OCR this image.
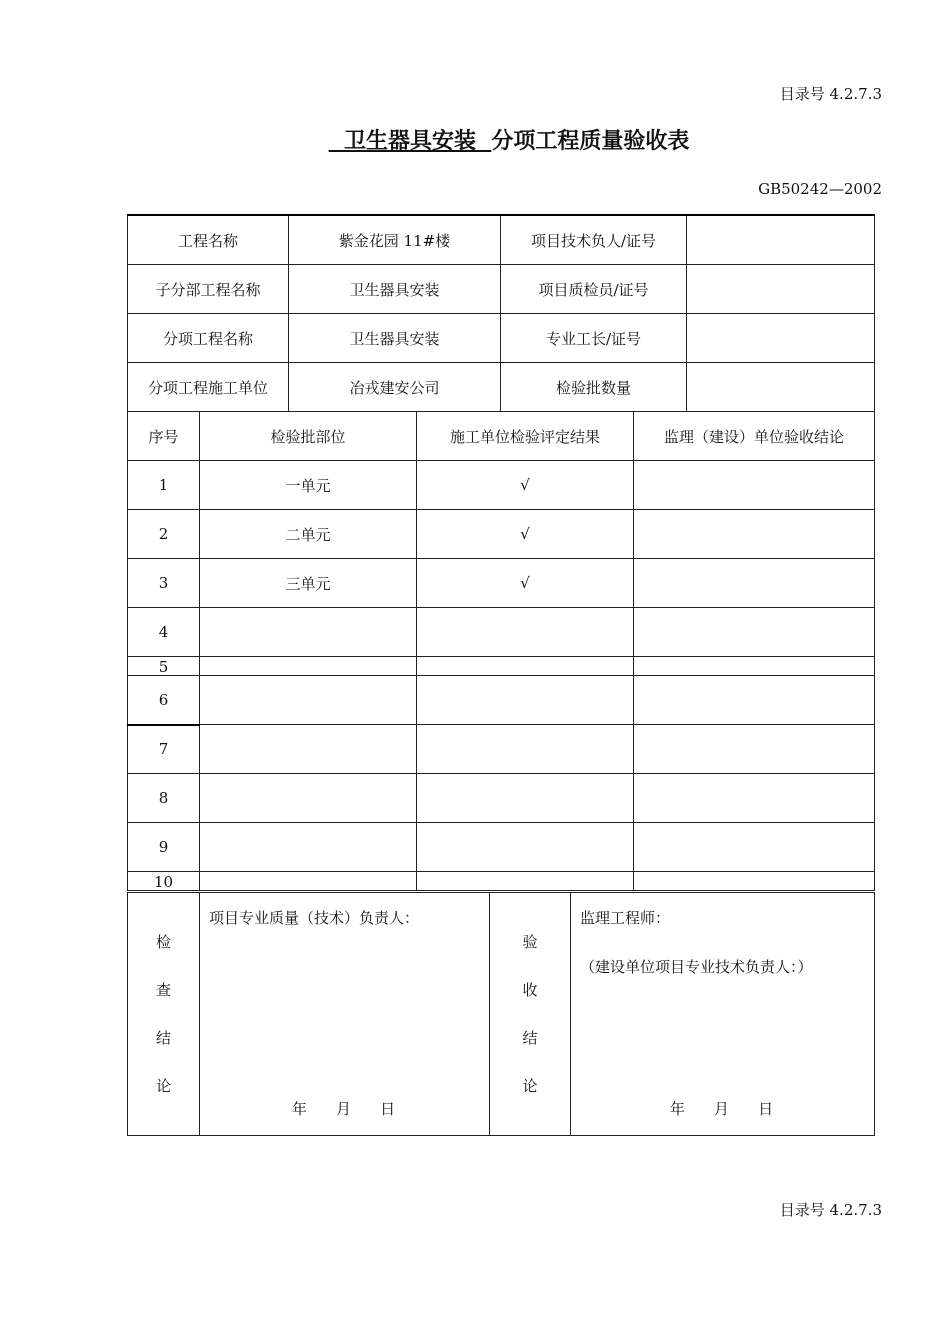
目录号 4.2.7.3
卫生器具安装  分项工程质量验收表
GB50242—2002
工程名称	紫金花园 11#楼	项目技术负人/证号	
子分部工程名称	卫生器具安装	项目质检员/证号	
分项工程名称	卫生器具安装	专业工长/证号	
分项工程施工单位	冶戎建安公司	检验批数量	
序号	检验批部位	施工单位检验评定结果	监理（建设）单位验收结论
1	一单元	√	
2	二单元	√	
3	三单元	√	
4			
5			
6			
7			
8			
9			
10			
检
查
结
论

项目专业质量（技术）负责人：
年    月    日

验
收
结
论

监理工程师：
（建设单位项目专业技术负责人：）
年    月    日
目录号 4.2.7.3
